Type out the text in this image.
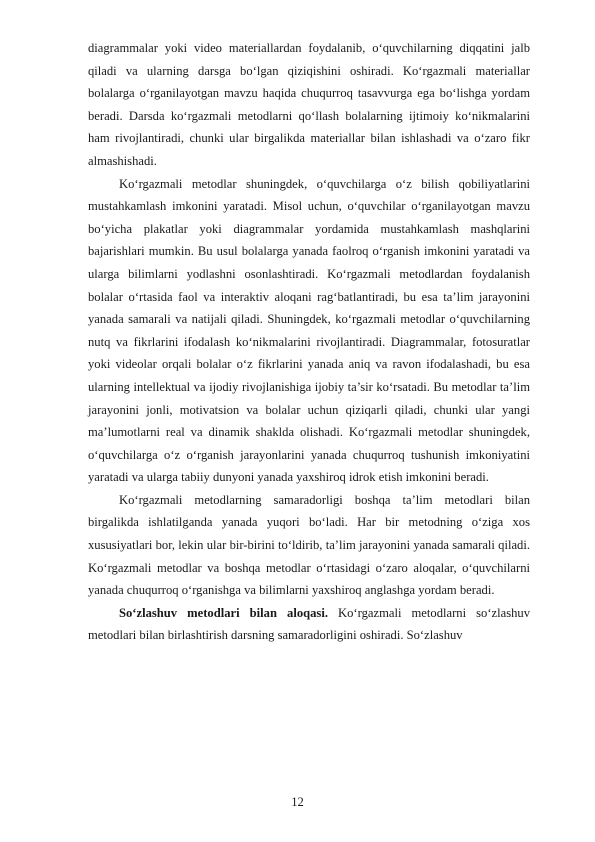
diagrammalar yoki video materiallardan foydalanib, o‘quvchilarning diqqatini jalb qiladi va ularning darsga bo‘lgan qiziqishini oshiradi. Ko‘rgazmali materiallar bolalarga o‘rganilayotgan mavzu haqida chuqurroq tasavvurga ega bo‘lishga yordam beradi. Darsda ko‘rgazmali metodlarni qo‘llash bolalarning ijtimoiy ko‘nikmalarini ham rivojlantiradi, chunki ular birgalikda materiallar bilan ishlashadi va o‘zaro fikr almashishadi.

Ko‘rgazmali metodlar shuningdek, o‘quvchilarga o‘z bilish qobiliyatlarini mustahkamlash imkonini yaratadi. Misol uchun, o‘quvchilar o‘rganilayotgan mavzu bo‘yicha plakatlar yoki diagrammalar yordamida mustahkamlash mashqlarini bajarishlari mumkin. Bu usul bolalarga yanada faolroq o‘rganish imkonini yaratadi va ularga bilimlarni yodlashni osonlashtiradi. Ko‘rgazmali metodlardan foydalanish bolalar o‘rtasida faol va interaktiv aloqani rag‘batlantiradi, bu esa ta’lim jarayonini yanada samarali va natijali qiladi. Shuningdek, ko‘rgazmali metodlar o‘quvchilarning nutq va fikrlarini ifodalash ko‘nikmalarini rivojlantiradi. Diagrammalar, fotosuratlar yoki videolar orqali bolalar o‘z fikrlarini yanada aniq va ravon ifodalashadi, bu esa ularning intellektual va ijodiy rivojlanishiga ijobiy ta’sir ko‘rsatadi. Bu metodlar ta’lim jarayonini jonli, motivatsion va bolalar uchun qiziqarli qiladi, chunki ular yangi ma’lumotlarni real va dinamik shaklda olishadi. Ko‘rgazmali metodlar shuningdek, o‘quvchilarga o‘z o‘rganish jarayonlarini yanada chuqurroq tushunish imkoniyatini yaratadi va ularga tabiiy dunyoni yanada yaxshiroq idrok etish imkonini beradi.

Ko‘rgazmali metodlarning samaradorligi boshqa ta’lim metodlari bilan birgalikda ishlatilganda yanada yuqori bo‘ladi. Har bir metodning o‘ziga xos xususiyatlari bor, lekin ular bir-birini to‘ldirib, ta’lim jarayonini yanada samarali qiladi. Ko‘rgazmali metodlar va boshqa metodlar o‘rtasidagi o‘zaro aloqalar, o‘quvchilarni yanada chuqurroq o‘rganishga va bilimlarni yaxshiroq anglashga yordam beradi.

So‘zlashuv metodlari bilan aloqasi. Ko‘rgazmali metodlarni so‘zlashuv metodlari bilan birlashtirish darsning samaradorligini oshiradi. So‘zlashuv

12
